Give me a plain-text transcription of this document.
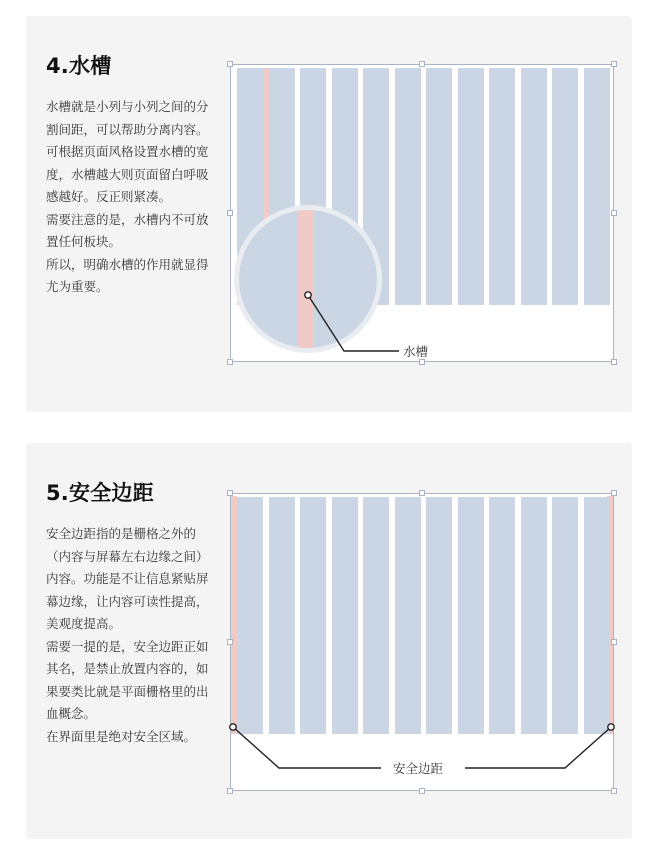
4.水槽

水槽就是小列与小列之间的分割间距，可以帮助分离内容。

可根据页面风格设置水槽的宽度，水槽越大则页面留白呼吸感越好。反正则紧凑。

需要注意的是，水槽内不可放置任何板块。

所以，明确水槽的作用就显得尤为重要。

水槽
5.安全边距

安全边距指的是栅格之外的（内容与屏幕左右边缘之间）内容。功能是不让信息紧贴屏幕边缘，让内容可读性提高，美观度提高。

需要一提的是，安全边距正如其名，是禁止放置内容的，如果要类比就是平面栅格里的出血概念。

在界面里是绝对安全区域。

安全边距
